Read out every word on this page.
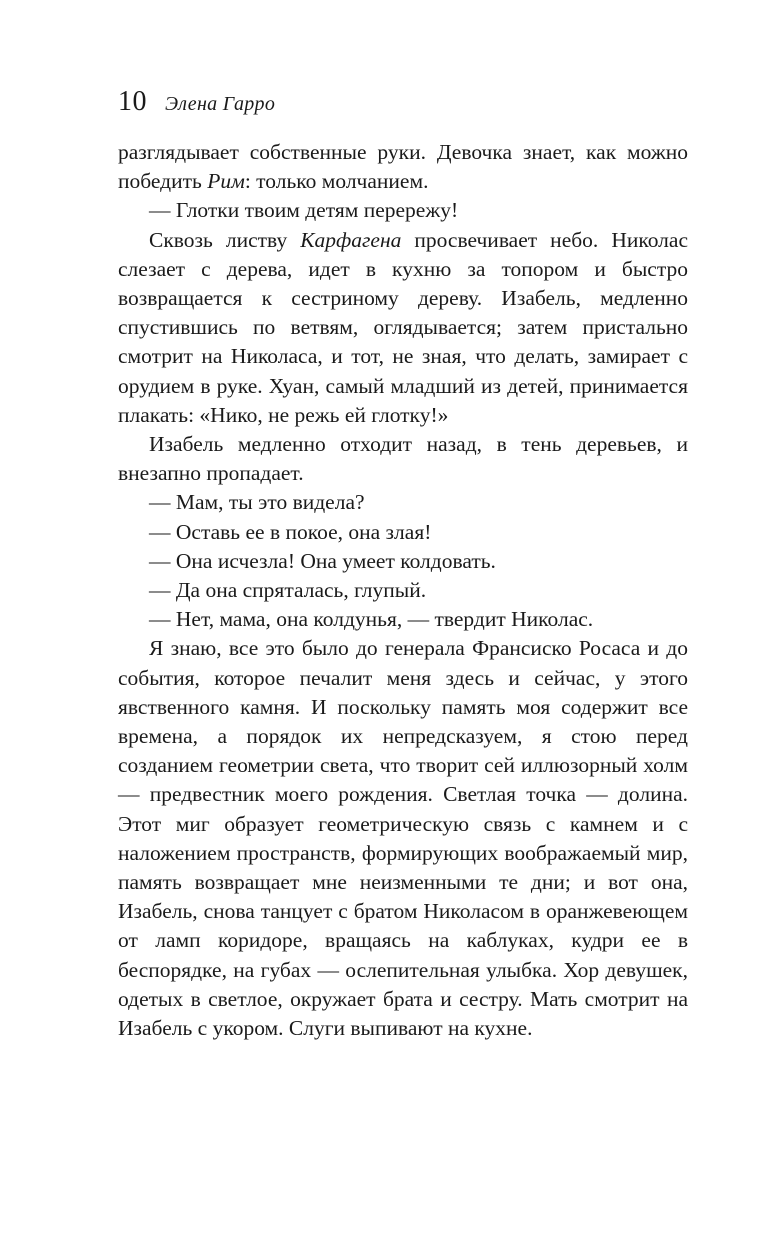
10 Элена Гарро

разглядывает собственные руки. Девочка знает, как можно победить Рим: только молчанием.

— Глотки твоим детям перережу!

Сквозь листву Карфагена просвечивает небо. Николас слезает с дерева, идет в кухню за топором и быстро возвращается к сестриному дереву. Изабель, медленно спустившись по ветвям, оглядывается; затем пристально смотрит на Николаса, и тот, не зная, что делать, замирает с орудием в руке. Хуан, самый младший из детей, принимается плакать: «Нико, не режь ей глотку!»

Изабель медленно отходит назад, в тень деревьев, и внезапно пропадает.

— Мам, ты это видела?

— Оставь ее в покое, она злая!

— Она исчезла! Она умеет колдовать.

— Да она спряталась, глупый.

— Нет, мама, она колдунья, — твердит Николас.

Я знаю, все это было до генерала Франсиско Росаса и до события, которое печалит меня здесь и сейчас, у этого явственного камня. И поскольку память моя содержит все времена, а порядок их непредсказуем, я стою перед созданием геометрии света, что творит сей иллюзорный холм — предвестник моего рождения. Светлая точка — долина. Этот миг образует геометрическую связь с камнем и с наложением пространств, формирующих воображаемый мир, память возвращает мне неизменными те дни; и вот она, Изабель, снова танцует с братом Николасом в оранжевеющем от ламп коридоре, вращаясь на каблуках, кудри ее в беспорядке, на губах — ослепительная улыбка. Хор девушек, одетых в светлое, окружает брата и сестру. Мать смотрит на Изабель с укором. Слуги выпивают на кухне.
